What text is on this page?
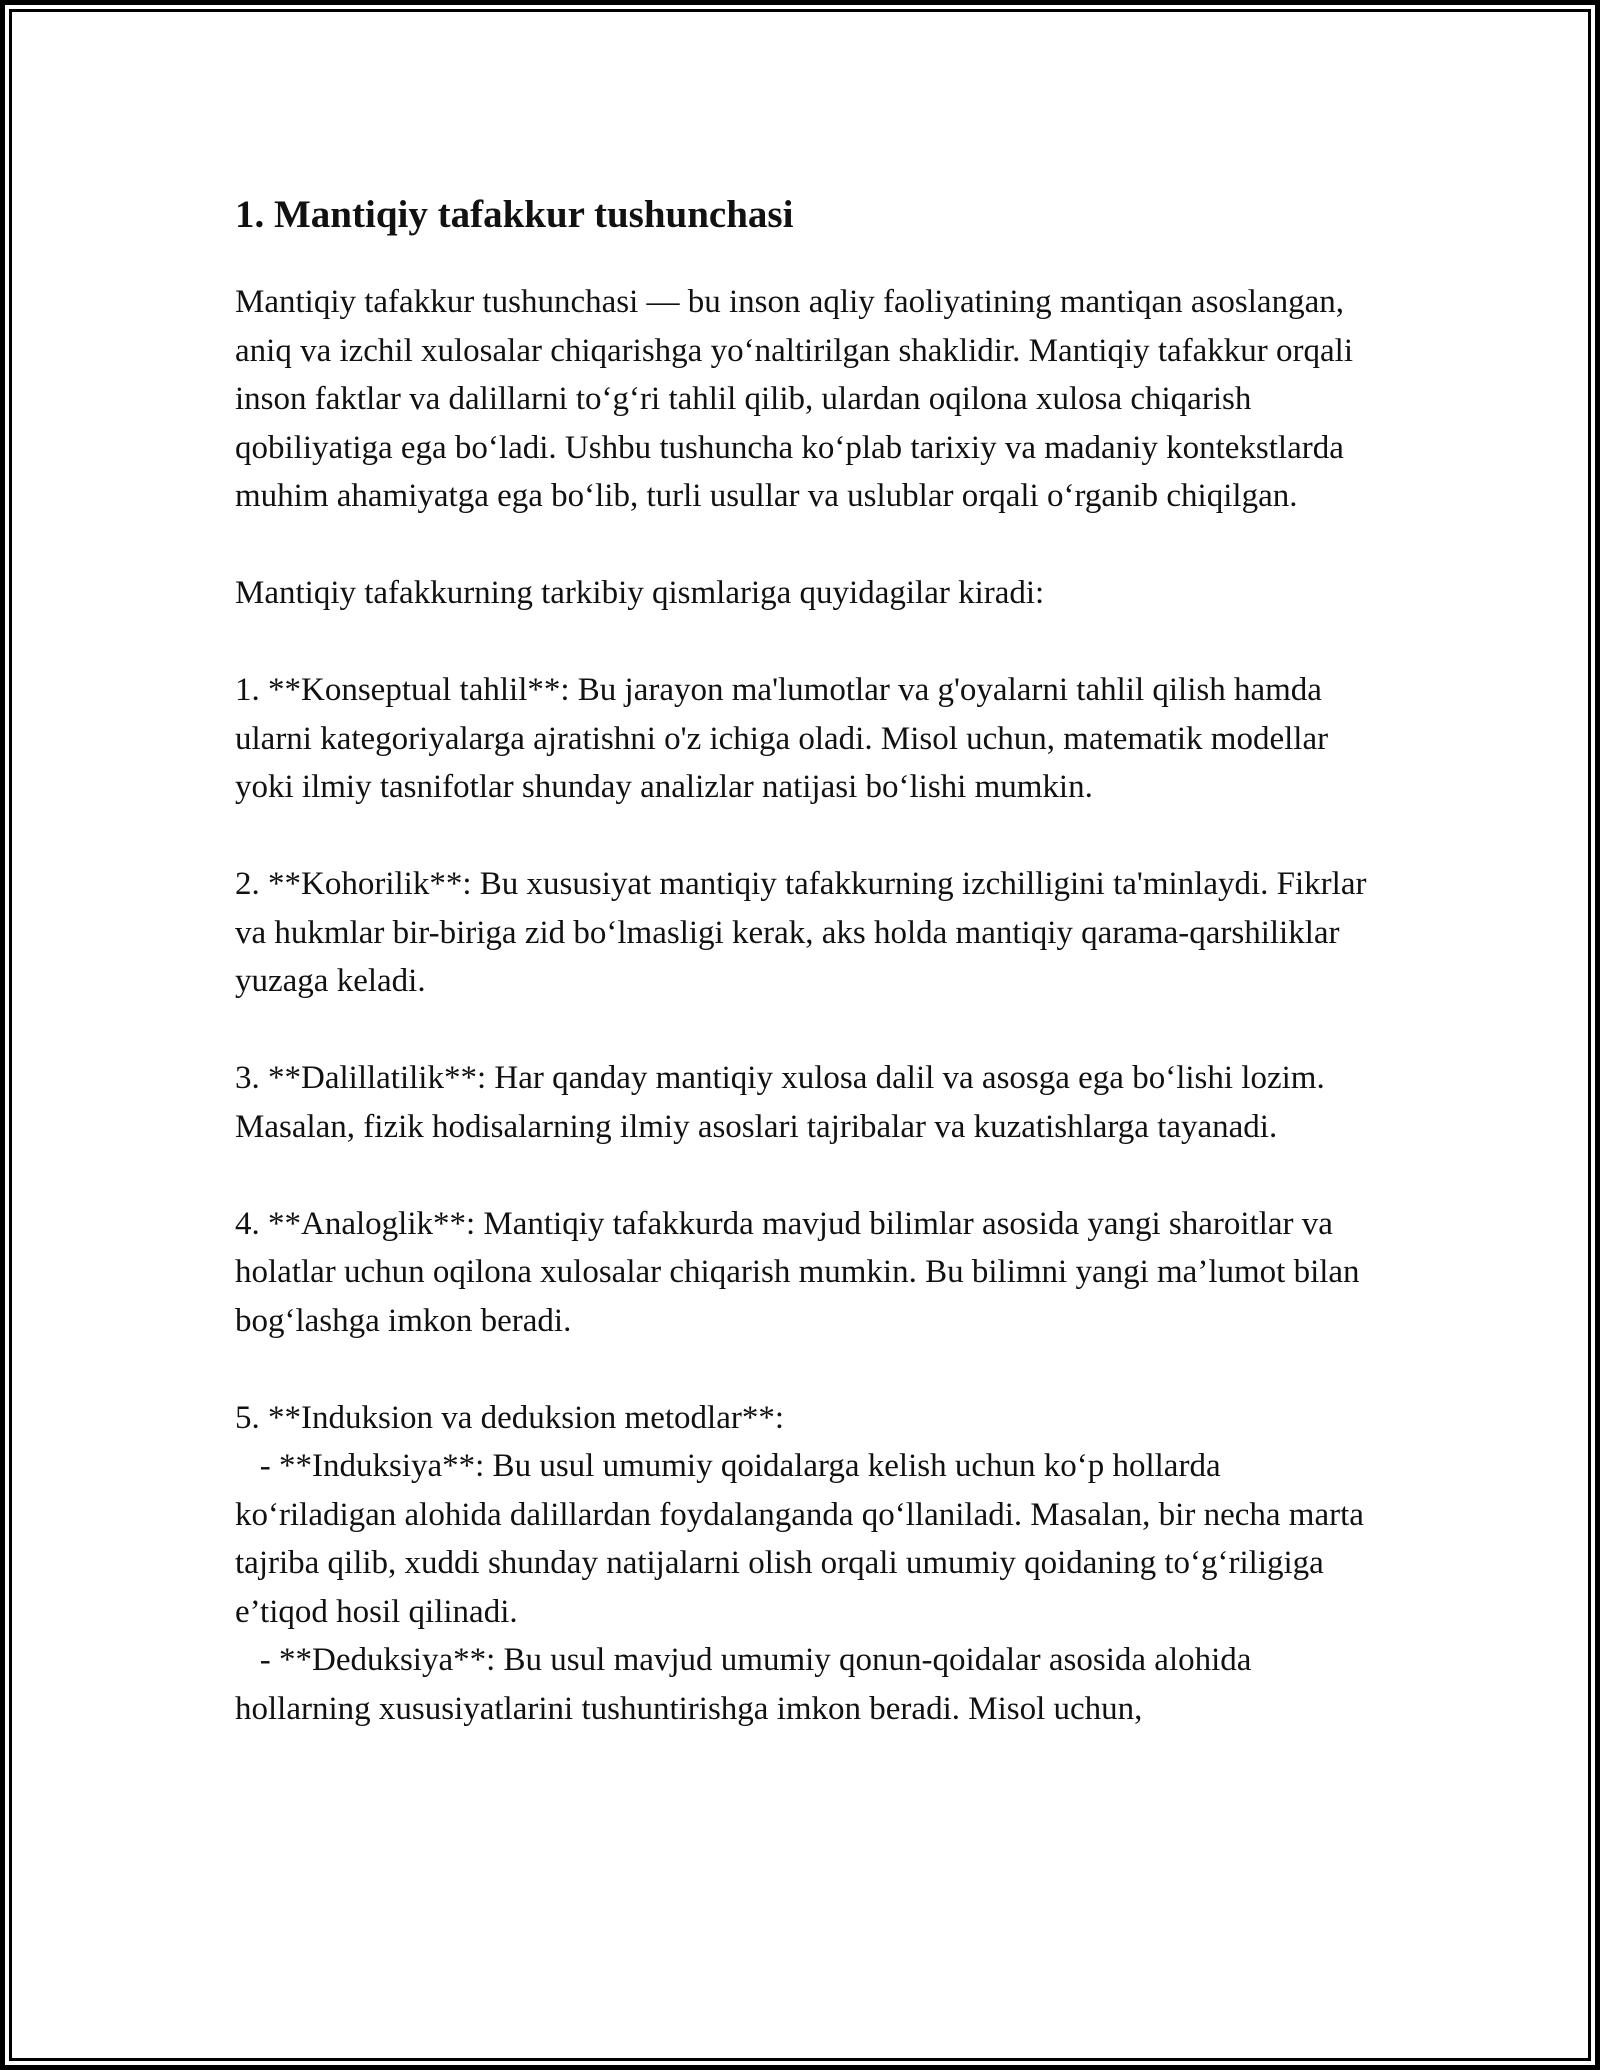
1. Mantiqiy tafakkur tushunchasi

Mantiqiy tafakkur tushunchasi — bu inson aqliy faoliyatining mantiqan asoslangan, aniq va izchil xulosalar chiqarishga yo‘naltirilgan shaklidir. Mantiqiy tafakkur orqali inson faktlar va dalillarni to‘g‘ri tahlil qilib, ulardan oqilona xulosa chiqarish qobiliyatiga ega bo‘ladi. Ushbu tushuncha ko‘plab tarixiy va madaniy kontekstlarda muhim ahamiyatga ega bo‘lib, turli usullar va uslublar orqali o‘rganib chiqilgan.

Mantiqiy tafakkurning tarkibiy qismlariga quyidagilar kiradi:

1. **Konseptual tahlil**: Bu jarayon ma'lumotlar va g'oyalarni tahlil qilish hamda ularni kategoriyalarga ajratishni o'z ichiga oladi. Misol uchun, matematik modellar yoki ilmiy tasnifotlar shunday analizlar natijasi bo‘lishi mumkin.

2. **Kohorilik**: Bu xususiyat mantiqiy tafakkurning izchilligini ta'minlaydi. Fikrlar va hukmlar bir-biriga zid bo‘lmasligi kerak, aks holda mantiqiy qarama-qarshiliklar yuzaga keladi.

3. **Dalillatilik**: Har qanday mantiqiy xulosa dalil va asosga ega bo‘lishi lozim. Masalan, fizik hodisalarning ilmiy asoslari tajribalar va kuzatishlarga tayanadi.

4. **Analoglik**: Mantiqiy tafakkurda mavjud bilimlar asosida yangi sharoitlar va holatlar uchun oqilona xulosalar chiqarish mumkin. Bu bilimni yangi ma’lumot bilan bog‘lashga imkon beradi.

5. **Induksion va deduksion metodlar**:
- **Induksiya**: Bu usul umumiy qoidalarga kelish uchun ko‘p hollarda ko‘riladigan alohida dalillardan foydalanganda qo‘llaniladi. Masalan, bir necha marta tajriba qilib, xuddi shunday natijalarni olish orqali umumiy qoidaning to‘g‘riligiga e’tiqod hosil qilinadi.
- **Deduksiya**: Bu usul mavjud umumiy qonun-qoidalar asosida alohida hollarning xususiyatlarini tushuntirishga imkon beradi. Misol uchun,
